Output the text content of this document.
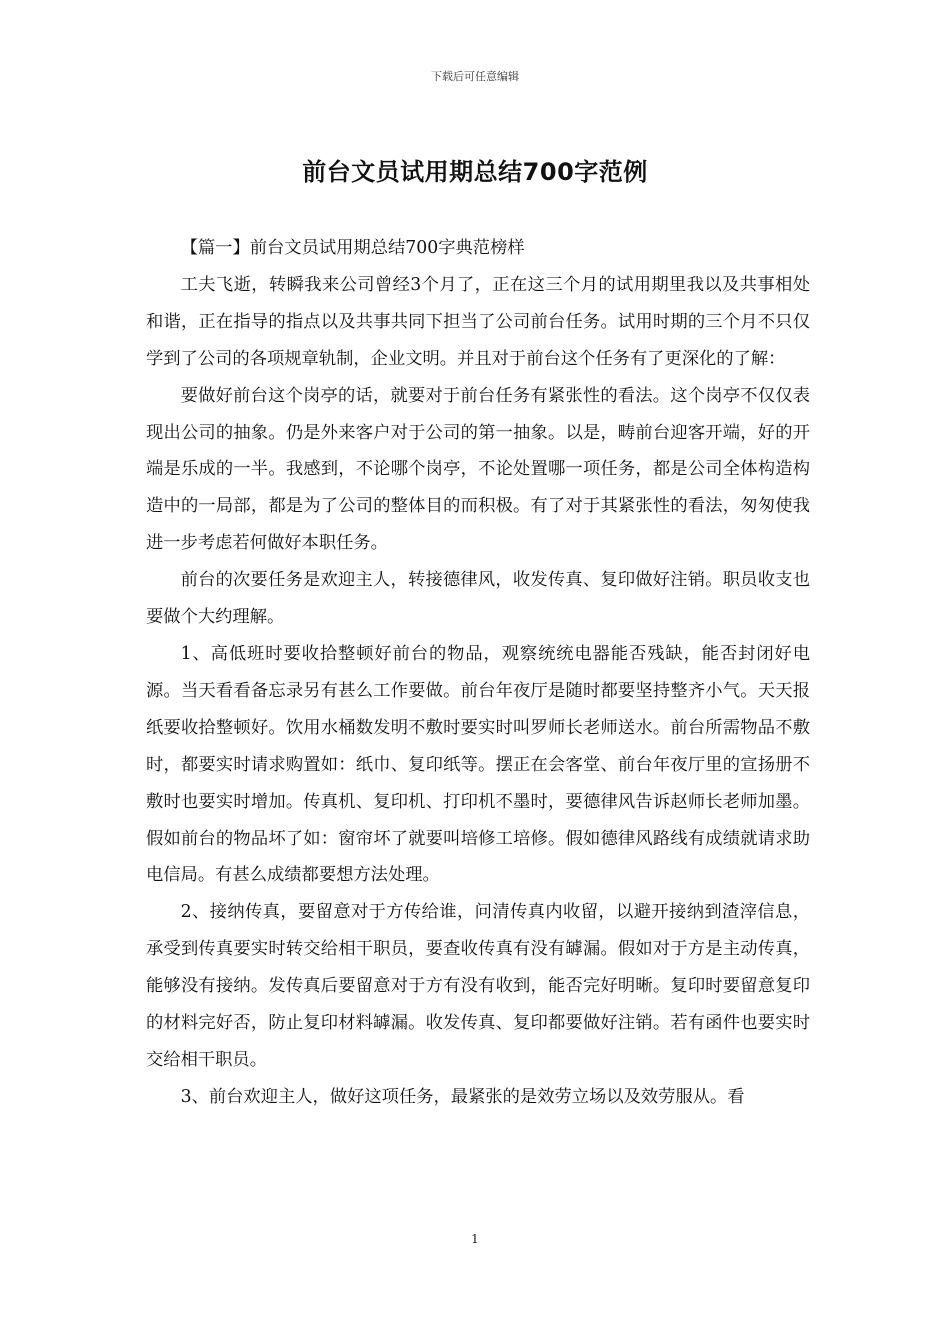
下载后可任意编辑
前台文员试用期总结700字范例

【篇一】前台文员试用期总结700字典范榜样

工夫飞逝，转瞬我来公司曾经3个月了，正在这三个月的试用期里我以及共事相处和谐，正在指导的指点以及共事共同下担当了公司前台任务。试用时期的三个月不只仅学到了公司的各项规章轨制，企业文明。并且对于前台这个任务有了更深化的了解：

要做好前台这个岗亭的话，就要对于前台任务有紧张性的看法。这个岗亭不仅仅表现出公司的抽象。仍是外来客户对于公司的第一抽象。以是，畴前台迎客开端，好的开端是乐成的一半。我感到，不论哪个岗亭，不论处置哪一项任务，都是公司全体构造构造中的一局部，都是为了公司的整体目的而积极。有了对于其紧张性的看法，匆匆使我进一步考虑若何做好本职任务。

前台的次要任务是欢迎主人，转接德律风，收发传真、复印做好注销。职员收支也要做个大约理解。

1、高低班时要收拾整顿好前台的物品，观察统统电器能否残缺，能否封闭好电源。当天看看备忘录另有甚么工作要做。前台年夜厅是随时都要坚持整齐小气。天天报纸要收拾整顿好。饮用水桶数发明不敷时要实时叫罗师长老师送水。前台所需物品不敷时，都要实时请求购置如：纸巾、复印纸等。摆正在会客堂、前台年夜厅里的宣扬册不敷时也要实时增加。传真机、复印机、打印机不墨时，要德律风告诉赵师长老师加墨。假如前台的物品坏了如：窗帘坏了就要叫培修工培修。假如德律风路线有成绩就请求助电信局。有甚么成绩都要想方法处理。

2、接纳传真，要留意对于方传给谁，问清传真内收留，以避开接纳到渣滓信息，承受到传真要实时转交给相干职员，要查收传真有没有罅漏。假如对于方是主动传真，能够没有接纳。发传真后要留意对于方有没有收到，能否完好明晰。复印时要留意复印的材料完好否，防止复印材料罅漏。收发传真、复印都要做好注销。若有函件也要实时交给相干职员。

3、前台欢迎主人，做好这项任务，最紧张的是效劳立场以及效劳服从。看

1
